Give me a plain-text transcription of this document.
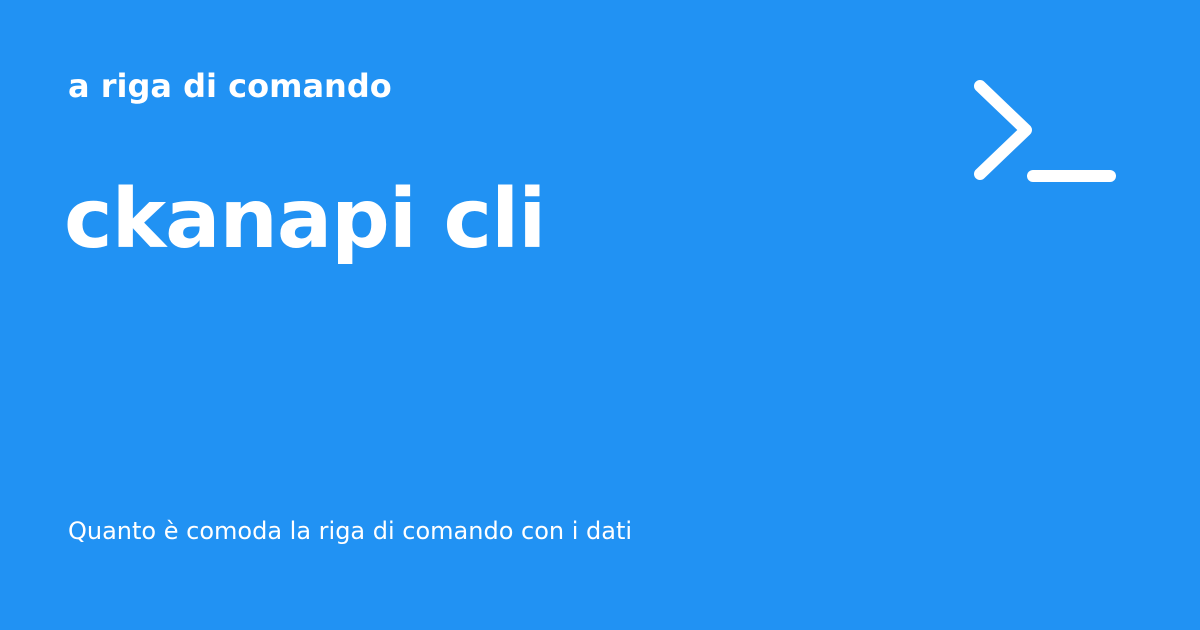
a riga di comando
ckanapi cli
Quanto è comoda la riga di comando con i dati
